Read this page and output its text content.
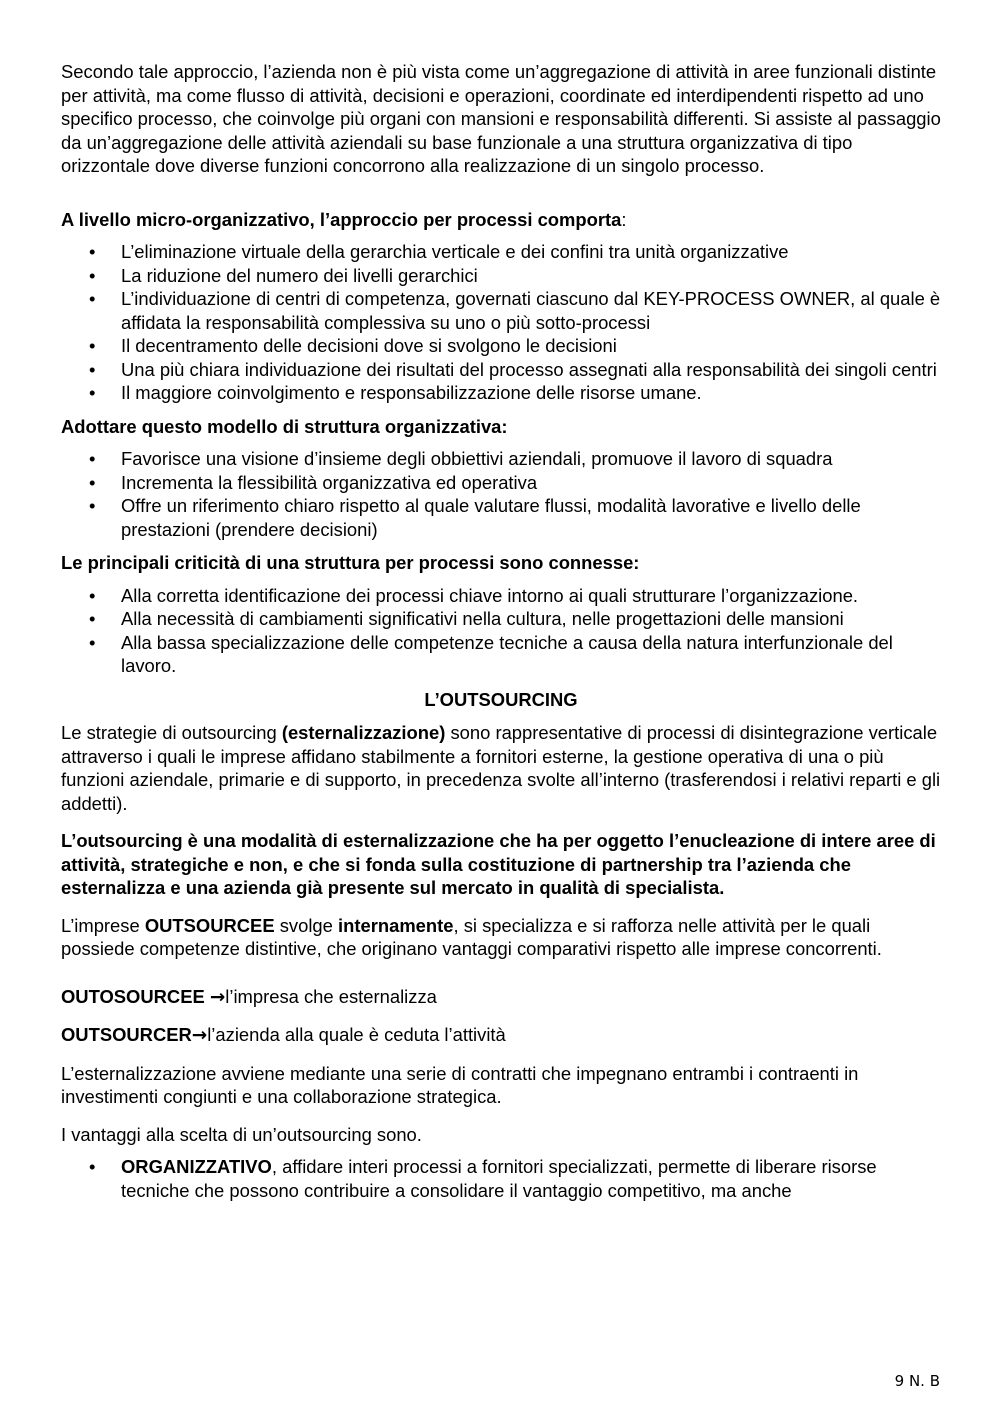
Secondo tale approccio, l’azienda non è più vista come un’aggregazione di attività in aree funzionali distinte per attività, ma come flusso di attività, decisioni e operazioni, coordinate ed interdipendenti rispetto ad uno specifico processo, che coinvolge più organi con mansioni e responsabilità differenti. Si assiste al passaggio da un’aggregazione delle attività aziendali su base funzionale a una struttura organizzativa di tipo orizzontale dove diverse funzioni concorrono alla realizzazione di un singolo processo.

A livello micro-organizzativo, l’approccio per processi comporta:

• L’eliminazione virtuale della gerarchia verticale e dei confini tra unità organizzative
• La riduzione del numero dei livelli gerarchici
• L’individuazione di centri di competenza, governati ciascuno dal KEY-PROCESS OWNER, al quale è affidata la responsabilità complessiva su uno o più sotto-processi
• Il decentramento delle decisioni dove si svolgono le decisioni
• Una più chiara individuazione dei risultati del processo assegnati alla responsabilità dei singoli centri
• Il maggiore coinvolgimento e responsabilizzazione delle risorse umane.

Adottare questo modello di struttura organizzativa:

• Favorisce una visione d’insieme degli obbiettivi aziendali, promuove il lavoro di squadra
• Incrementa la flessibilità organizzativa ed operativa
• Offre un riferimento chiaro rispetto al quale valutare flussi, modalità lavorative e livello delle prestazioni (prendere decisioni)

Le principali criticità di una struttura per processi sono connesse:

• Alla corretta identificazione dei processi chiave intorno ai quali strutturare l’organizzazione.
• Alla necessità di cambiamenti significativi nella cultura, nelle progettazioni delle mansioni
• Alla bassa specializzazione delle competenze tecniche a causa della natura interfunzionale del lavoro.

L’OUTSOURCING

Le strategie di outsourcing (esternalizzazione) sono rappresentative di processi di disintegrazione verticale attraverso i quali le imprese affidano stabilmente a fornitori esterne, la gestione operativa di una o più funzioni aziendale, primarie e di supporto, in precedenza svolte all’interno (trasferendosi i relativi reparti e gli addetti).

L’outsourcing è una modalità di esternalizzazione che ha per oggetto l’enucleazione di intere aree di attività, strategiche e non, e che si fonda sulla costituzione di partnership tra l’azienda che esternalizza e una azienda già presente sul mercato in qualità di specialista.

L’imprese OUTSOURCEE svolge internamente, si specializza e si rafforza nelle attività per le quali possiede competenze distintive, che originano vantaggi comparativi rispetto alle imprese concorrenti.

OUTOSOURCEE →l’impresa che esternalizza

OUTSOURCER→l’azienda alla quale è ceduta l’attività

L’esternalizzazione avviene mediante una serie di contratti che impegnano entrambi i contraenti in investimenti congiunti e una collaborazione strategica.

I vantaggi alla scelta di un’outsourcing sono.

• ORGANIZZATIVO, affidare interi processi a fornitori specializzati, permette di liberare risorse tecniche che possono contribuire a consolidare il vantaggio competitivo, ma anche
9 N. B
